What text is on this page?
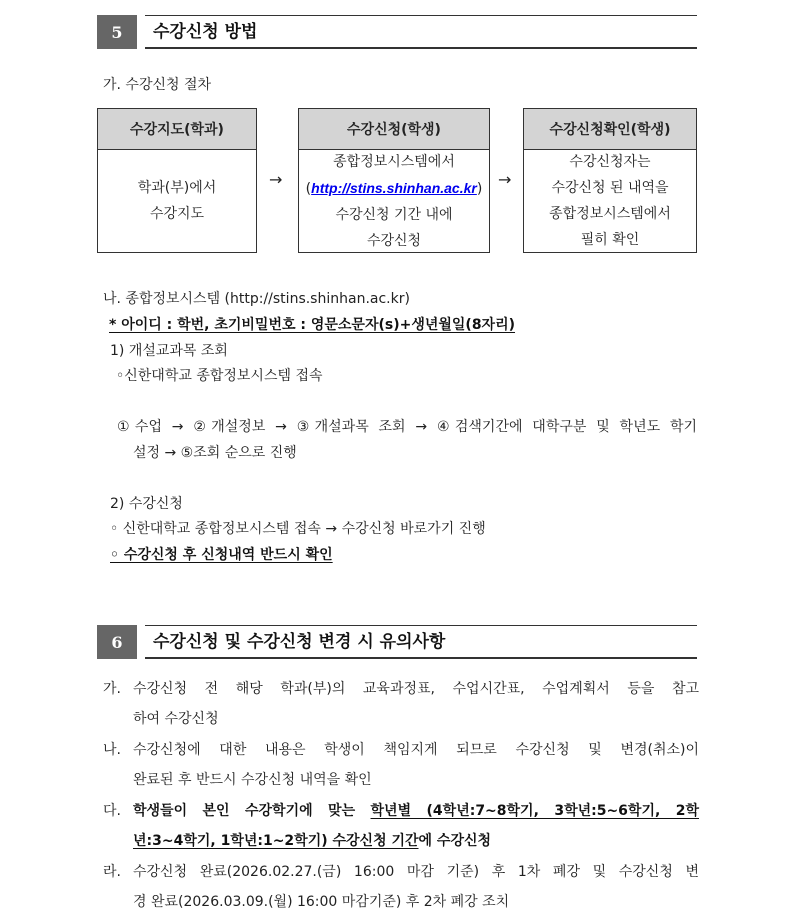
5	수강신청 방법
가. 수강신청 절차
수강지도(학과)
학과(부)에서
수강지도
→
수강신청(학생)
종합정보시스템에서
(http://stins.shinhan.ac.kr)
수강신청 기간 내에
수강신청
→
수강신청확인(학생)
수강신청자는
수강신청 된 내역을
종합정보시스템에서
필히 확인
나. 종합정보시스템 (http://stins.shinhan.ac.kr)
* 아이디 : 학번, 초기비밀번호 : 영문소문자(s)+생년월일(8자리)
1) 개설교과목 조회
◦신한대학교 종합정보시스템 접속
①수업 → ②개설정보 → ③개설과목 조회 → ④검색기간에 대학구분 및 학년도 학기
설정 → ⑤조회 순으로 진행
2) 수강신청
◦ 신한대학교 종합정보시스템 접속 → 수강신청 바로가기 진행
◦ 수강신청 후 신청내역 반드시 확인
6	수강신청 및 수강신청 변경 시 유의사항
가. 수강신청 전 해당 학과(부)의 교육과정표, 수업시간표, 수업계획서 등을 참고
하여 수강신청
나. 수강신청에 대한 내용은 학생이 책임지게 되므로 수강신청 및 변경(취소)이
완료된 후 반드시 수강신청 내역을 확인
다. 학생들이 본인 수강학기에 맞는 학년별 (4학년:7~8학기, 3학년:5~6학기, 2학
년:3~4학기, 1학년:1~2학기) 수강신청 기간에 수강신청
라. 수강신청 완료(2026.02.27.(금) 16:00 마감 기준) 후 1차 폐강 및 수강신청 변
경 완료(2026.03.09.(월) 16:00 마감기준) 후 2차 폐강 조치
